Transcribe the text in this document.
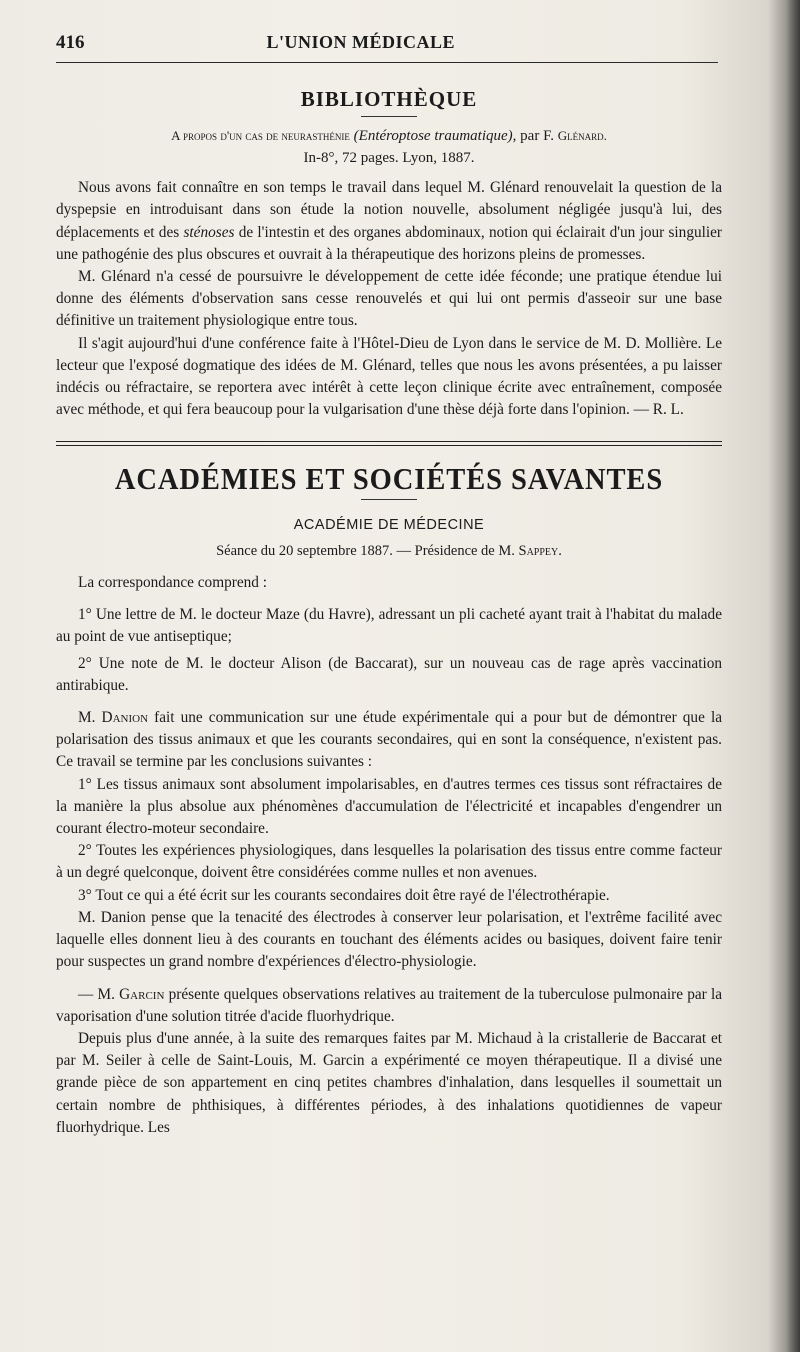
416	L'UNION MÉDICALE
BIBLIOTHÈQUE
A propos d'un cas de neurasthénie (Entéroptose traumatique), par F. Glénard.
In-8°, 72 pages. Lyon, 1887.

Nous avons fait connaître en son temps le travail dans lequel M. Glénard renouvelait la question de la dyspepsie en introduisant dans son étude la notion nouvelle, absolument négligée jusqu'à lui, des déplacements et des sténoses de l'intestin et des organes abdominaux, notion qui éclairait d'un jour singulier une pathogénie des plus obscures et ouvrait à la thérapeutique des horizons pleins de promesses.

M. Glénard n'a cessé de poursuivre le développement de cette idée féconde; une pratique étendue lui donne des éléments d'observation sans cesse renouvelés et qui lui ont permis d'asseoir sur une base définitive un traitement physiologique entre tous.

Il s'agit aujourd'hui d'une conférence faite à l'Hôtel-Dieu de Lyon dans le service de M. D. Mollière. Le lecteur que l'exposé dogmatique des idées de M. Glénard, telles que nous les avons présentées, a pu laisser indécis ou réfractaire, se reportera avec intérêt à cette leçon clinique écrite avec entraînement, composée avec méthode, et qui fera beaucoup pour la vulgarisation d'une thèse déjà forte dans l'opinion. — R. L.

ACADÉMIES ET SOCIÉTÉS SAVANTES
ACADÉMIE DE MÉDECINE
Séance du 20 septembre 1887. — Présidence de M. Sappey.

La correspondance comprend :

1° Une lettre de M. le docteur Maze (du Havre), adressant un pli cacheté ayant trait à l'habitat du malade au point de vue antiseptique;

2° Une note de M. le docteur Alison (de Baccarat), sur un nouveau cas de rage après vaccination antirabique.

M. Danion fait une communication sur une étude expérimentale qui a pour but de démontrer que la polarisation des tissus animaux et que les courants secondaires, qui en sont la conséquence, n'existent pas. Ce travail se termine par les conclusions suivantes :

1° Les tissus animaux sont absolument impolarisables, en d'autres termes ces tissus sont réfractaires de la manière la plus absolue aux phénomènes d'accumulation de l'électricité et incapables d'engendrer un courant électro-moteur secondaire.

2° Toutes les expériences physiologiques, dans lesquelles la polarisation des tissus entre comme facteur à un degré quelconque, doivent être considérées comme nulles et non avenues.

3° Tout ce qui a été écrit sur les courants secondaires doit être rayé de l'électrothérapie.

M. Danion pense que la tenacité des électrodes à conserver leur polarisation, et l'extrême facilité avec laquelle elles donnent lieu à des courants en touchant des éléments acides ou basiques, doivent faire tenir pour suspectes un grand nombre d'expériences d'électro-physiologie.

— M. Garcin présente quelques observations relatives au traitement de la tuberculose pulmonaire par la vaporisation d'une solution titrée d'acide fluorhydrique.

Depuis plus d'une année, à la suite des remarques faites par M. Michaud à la cristallerie de Baccarat et par M. Seiler à celle de Saint-Louis, M. Garcin a expérimenté ce moyen thérapeutique. Il a divisé une grande pièce de son appartement en cinq petites chambres d'inhalation, dans lesquelles il soumettait un certain nombre de phthisiques, à différentes périodes, à des inhalations quotidiennes de vapeur fluorhydrique. Les
